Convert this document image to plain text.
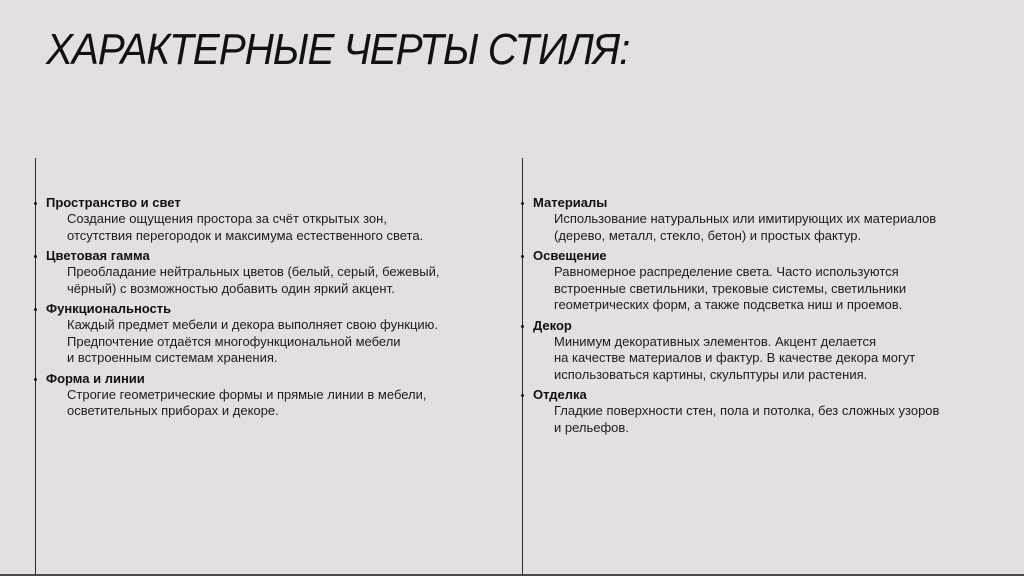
ХАРАКТЕРНЫЕ ЧЕРТЫ СТИЛЯ:
Пространство и свет
Создание ощущения простора за счёт открытых зон,
отсутствия перегородок и максимума естественного света.
Цветовая гамма
Преобладание нейтральных цветов (белый, серый, бежевый,
чёрный) с возможностью добавить один яркий акцент.
Функциональность
Каждый предмет мебели и декора выполняет свою функцию.
Предпочтение отдаётся многофункциональной мебели
и встроенным системам хранения.
Форма и линии
Строгие геометрические формы и прямые линии в мебели,
осветительных приборах и декоре.
Материалы
Использование натуральных или имитирующих их материалов
(дерево, металл, стекло, бетон) и простых фактур.
Освещение
Равномерное распределение света. Часто используются
встроенные светильники, трековые системы, светильники
геометрических форм, а также подсветка ниш и проемов.
Декор
Минимум декоративных элементов. Акцент делается
на качестве материалов и фактур. В качестве декора могут
использоваться картины, скульптуры или растения.
Отделка
Гладкие поверхности стен, пола и потолка, без сложных узоров
и рельефов.
